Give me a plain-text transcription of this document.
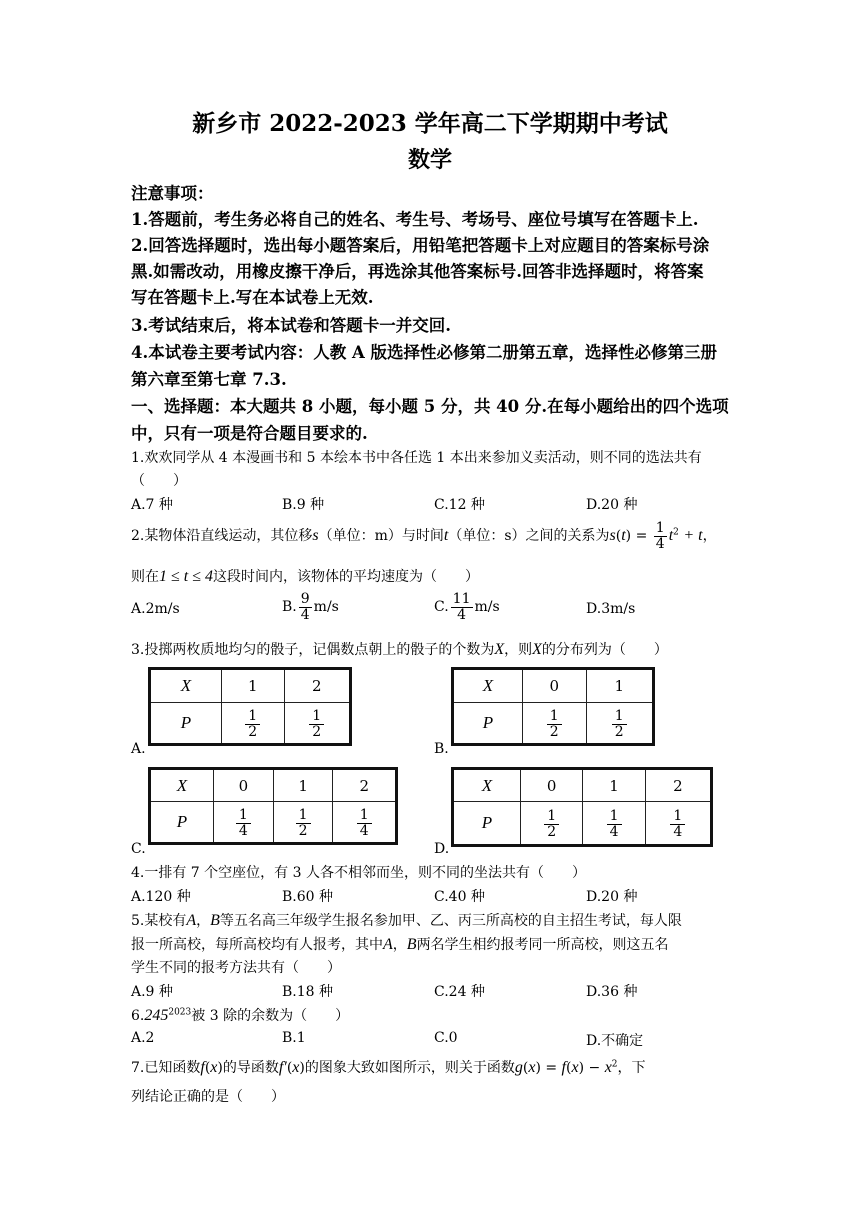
新乡市 2022-2023 学年高二下学期期中考试
数学
注意事项：
1.答题前，考生务必将自己的姓名、考生号、考场号、座位号填写在答题卡上.
2.回答选择题时，选出每小题答案后，用铅笔把答题卡上对应题目的答案标号涂
黑.如需改动，用橡皮擦干净后，再选涂其他答案标号.回答非选择题时，将答案
写在答题卡上.写在本试卷上无效.
3.考试结束后，将本试卷和答题卡一并交回.
4.本试卷主要考试内容：人教 A 版选择性必修第二册第五章，选择性必修第三册
第六章至第七章 7.3.
一、选择题：本大题共 8 小题，每小题 5 分，共 40 分.在每小题给出的四个选项
中，只有一项是符合题目要求的.
1.欢欢同学从 4 本漫画书和 5 本绘本书中各任选 1 本出来参加义卖活动，则不同的选法共有
（　　）
A.7 种	B.9 种	C.12 种	D.20 种
2.某物体沿直线运动，其位移s（单位：m）与时间t（单位：s）之间的关系为$s(t) = \frac{1}{4} t^2 + t$，
则在1 ≤ t ≤ 4这段时间内，该物体的平均速度为（　　）
A.2m/s	B. $\frac{9}{4} m/s$	C. $\frac{11}{4} m/s$	D.3m/s
3.投掷两枚质地均匀的骰子，记偶数点朝上的骰子的个数为X，则X的分布列为（　　）
X	1	2
P	$\frac{1}{2}$	$\frac{1}{2}$
A.
X	0	1
P	$\frac{1}{2}$	$\frac{1}{2}$
B.
X	0	1	2
P	$\frac{1}{4}$	$\frac{1}{2}$	$\frac{1}{4}$
C.
X	0	1	2
P	$\frac{1}{2}$	$\frac{1}{4}$	$\frac{1}{4}$
D.
4.一排有 7 个空座位，有 3 人各不相邻而坐，则不同的坐法共有（　　）
A.120 种	B.60 种	C.40 种	D.20 种
5.某校有A，B等五名高三年级学生报名参加甲、乙、丙三所高校的自主招生考试，每人限
报一所高校，每所高校均有人报考，其中A，B两名学生相约报考同一所高校，则这五名
学生不同的报考方法共有（　　）
A.9 种	B.18 种	C.24 种	D.36 种
$6.245^{2023}$被 3 除的余数为（　　）
A.2	B.1	C.0	D.不确定
7.已知函数f(x)的导函数f′(x)的图象大致如图所示，则关于函数$g(x) = f(x) - x^2$，下
列结论正确的是（　　）
